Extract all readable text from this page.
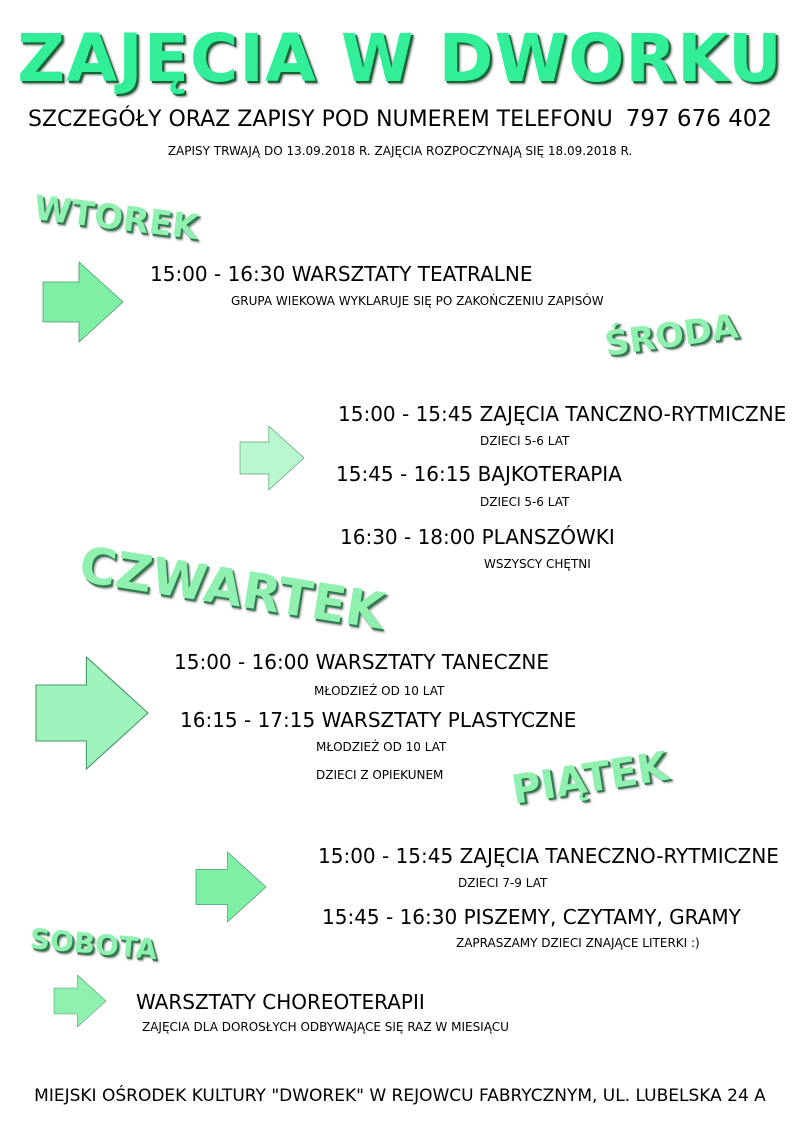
ZAJĘCIA W DWORKU
SZCZEGÓŁY ORAZ ZAPISY POD NUMEREM TELEFONU 797 676 402
ZAPISY TRWAJĄ DO 13.09.2018 R. ZAJĘCIA ROZPOCZYNAJĄ SIĘ 18.09.2018 R.
WTOREK
15:00 - 16:30 WARSZTATY TEATRALNE
GRUPA WIEKOWA WYKLARUJE SIĘ PO ZAKOŃCZENIU ZAPISÓW
ŚRODA
15:00 - 15:45 ZAJĘCIA TANCZNO-RYTMICZNE
DZIECI 5-6 LAT
15:45 - 16:15 BAJKOTERAPIA
DZIECI 5-6 LAT
16:30 - 18:00 PLANSZÓWKI
WSZYSCY CHĘTNI
CZWARTEK
15:00 - 16:00 WARSZTATY TANECZNE
MŁODZIEŻ OD 10 LAT
16:15 - 17:15 WARSZTATY PLASTYCZNE
MŁODZIEŻ OD 10 LAT
DZIECI Z OPIEKUNEM PIĄTEK
15:00 - 15:45 ZAJĘCIA TANECZNO-RYTMICZNE
DZIECI 7-9 LAT
15:45 - 16:30 PISZEMY, CZYTAMY, GRAMY
ZAPRASZAMY DZIECI ZNAJĄCE LITERKI :)
SOBOTA
WARSZTATY CHOREOTERAPII
ZAJĘCIA DLA DOROSŁYCH ODBYWAJĄCE SIĘ RAZ W MIESIĄCU
MIEJSKI OŚRODEK KULTURY "DWOREK" W REJOWCU FABRYCZNYM, UL. LUBELSKA 24 A
